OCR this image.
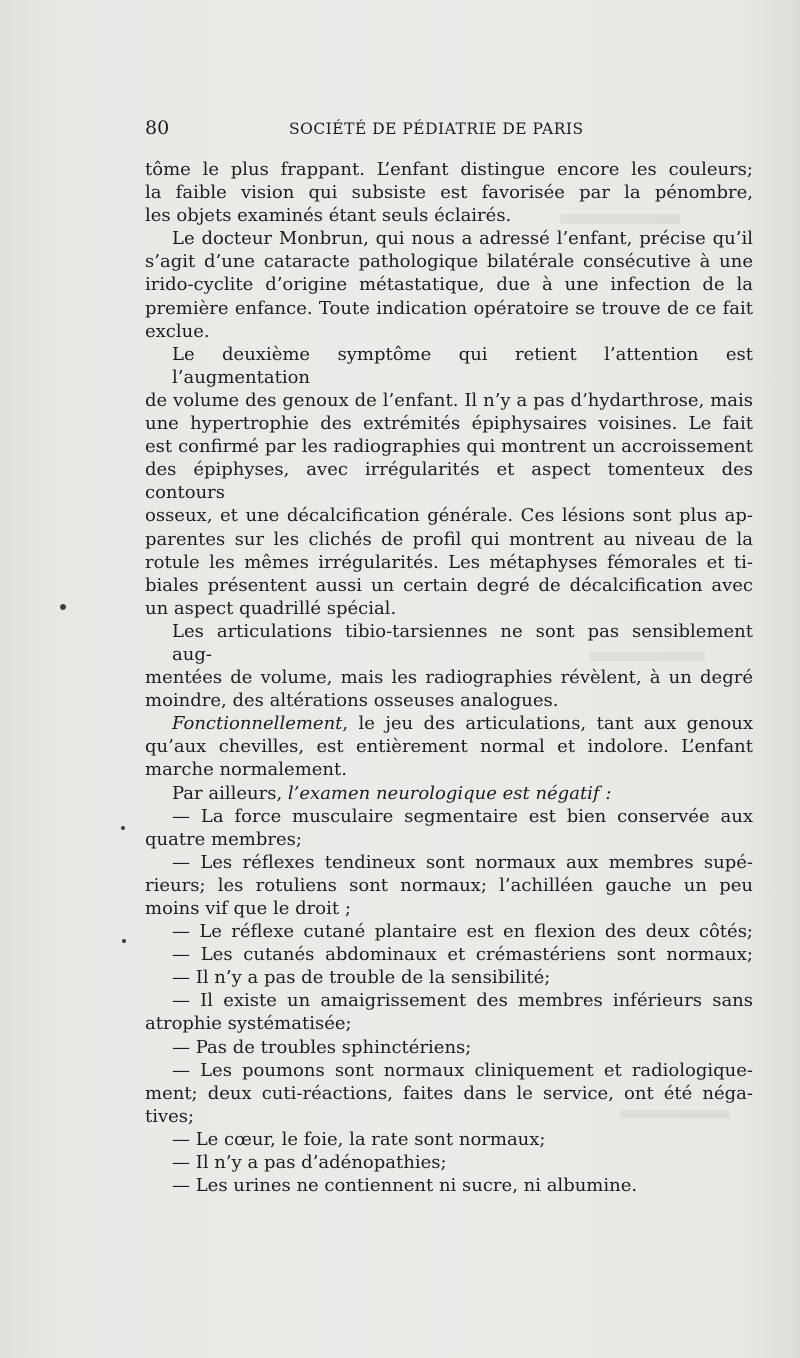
80	SOCIÉTÉ DE PÉDIATRIE DE PARIS
tôme le plus frappant. L’enfant distingue encore les couleurs;
la faible vision qui subsiste est favorisée par la pénombre,
les objets examinés étant seuls éclairés.
Le docteur Monbrun, qui nous a adressé l’enfant, précise qu’il
s’agit d’une cataracte pathologique bilatérale consécutive à une
irido-cyclite d’origine métastatique, due à une infection de la
première enfance. Toute indication opératoire se trouve de ce fait
exclue.
Le deuxième symptôme qui retient l’attention est l’augmentation
de volume des genoux de l’enfant. Il n’y a pas d’hydarthrose, mais
une hypertrophie des extrémités épiphysaires voisines. Le fait
est confirmé par les radiographies qui montrent un accroissement
des épiphyses, avec irrégularités et aspect tomenteux des contours
osseux, et une décalcification générale. Ces lésions sont plus ap-
parentes sur les clichés de profil qui montrent au niveau de la
rotule les mêmes irrégularités. Les métaphyses fémorales et ti-
biales présentent aussi un certain degré de décalcification avec
un aspect quadrillé spécial.
Les articulations tibio-tarsiennes ne sont pas sensiblement aug-
mentées de volume, mais les radiographies révèlent, à un degré
moindre, des altérations osseuses analogues.
Fonctionnellement, le jeu des articulations, tant aux genoux
qu’aux chevilles, est entièrement normal et indolore. L’enfant
marche normalement.
Par ailleurs, l’examen neurologique est négatif :
— La force musculaire segmentaire est bien conservée aux
quatre membres;
— Les réflexes tendineux sont normaux aux membres supé-
rieurs; les rotuliens sont normaux; l’achilléen gauche un peu
moins vif que le droit ;
— Le réflexe cutané plantaire est en flexion des deux côtés;
— Les cutanés abdominaux et crémastériens sont normaux;
— Il n’y a pas de trouble de la sensibilité;
— Il existe un amaigrissement des membres inférieurs sans
atrophie systématisée;
— Pas de troubles sphinctériens;
— Les poumons sont normaux cliniquement et radiologique-
ment; deux cuti-réactions, faites dans le service, ont été néga-
tives;
— Le cœur, le foie, la rate sont normaux;
— Il n’y a pas d’adénopathies;
— Les urines ne contiennent ni sucre, ni albumine.
